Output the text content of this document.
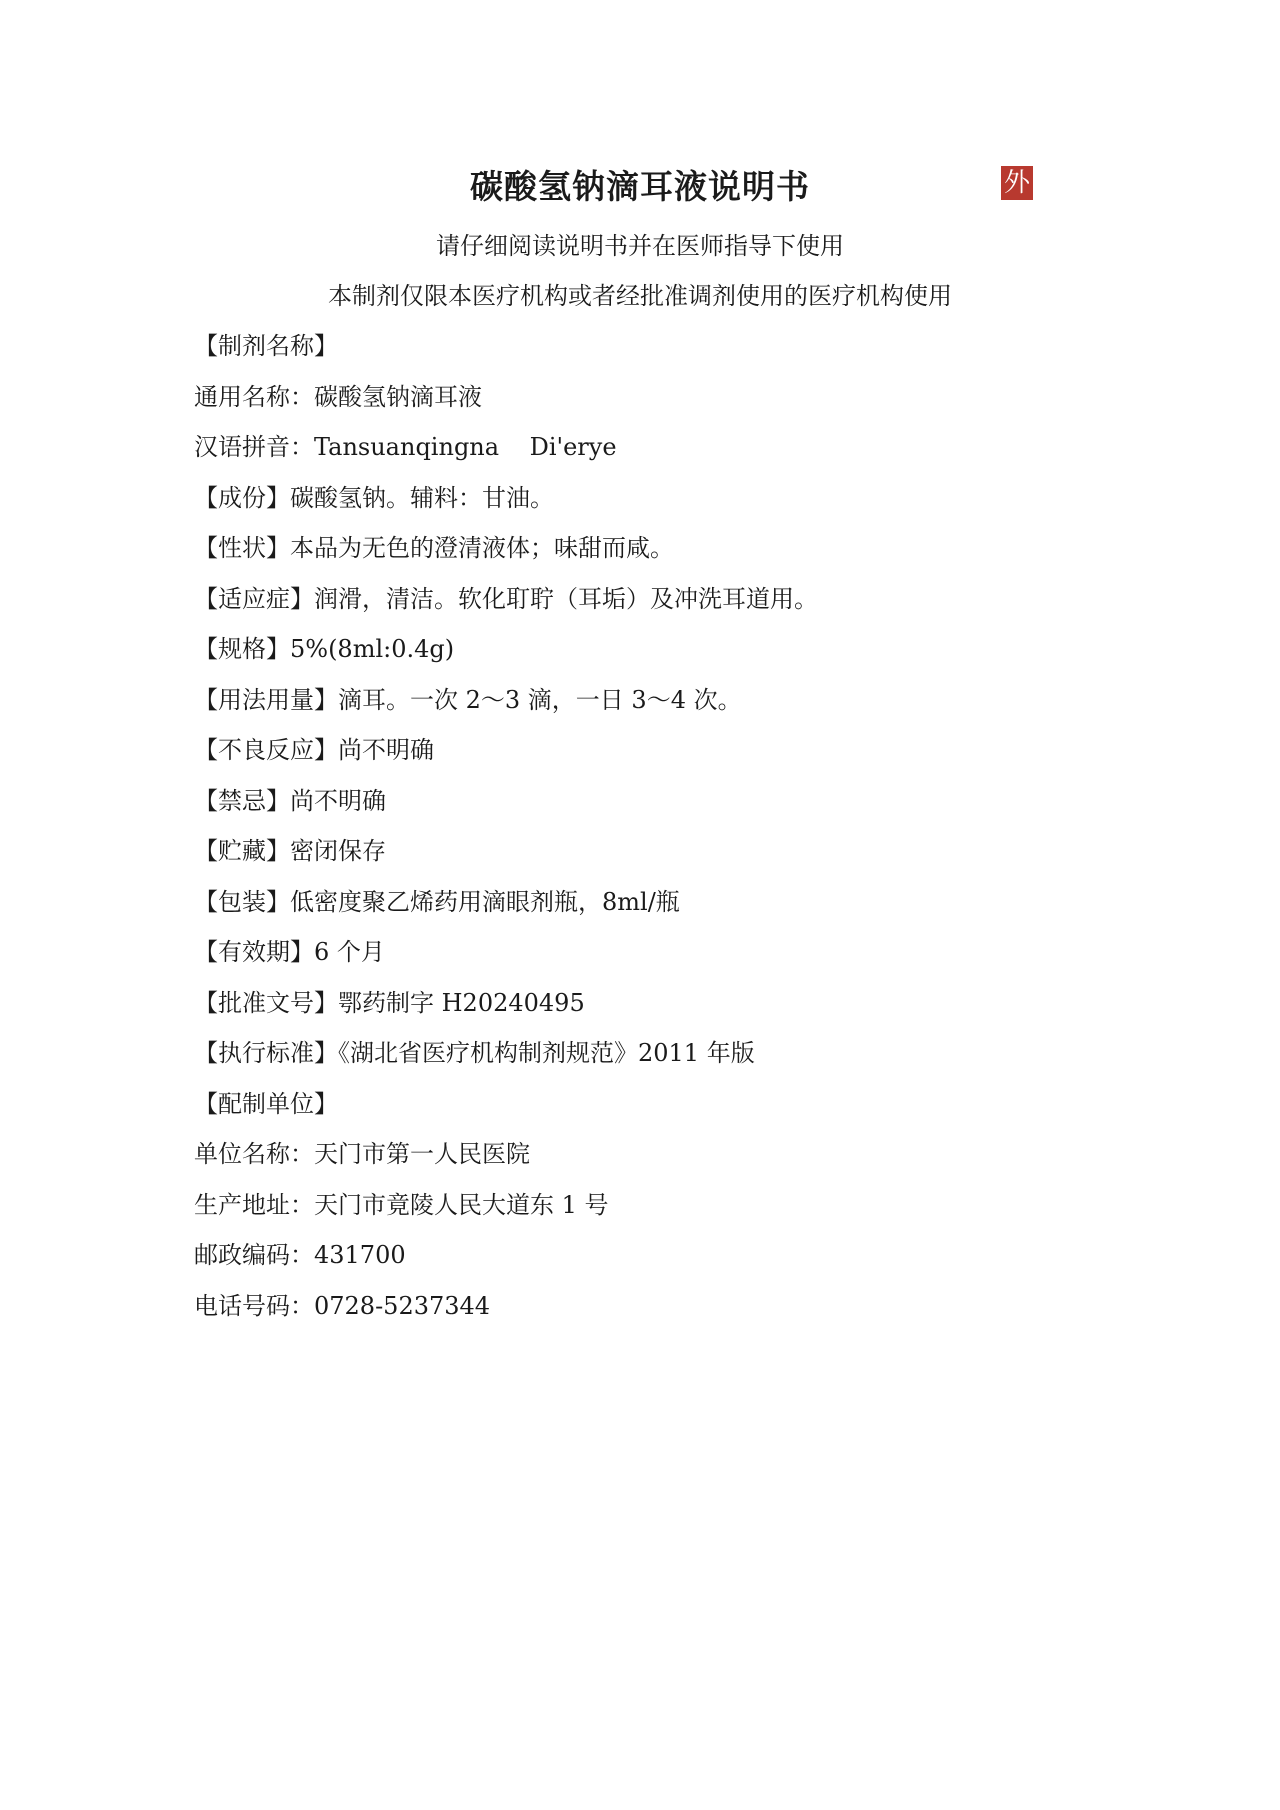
碳酸氢钠滴耳液说明书	外
请仔细阅读说明书并在医师指导下使用
本制剂仅限本医疗机构或者经批准调剂使用的医疗机构使用
【制剂名称】
通用名称：碳酸氢钠滴耳液
汉语拼音：Tansuanqingna    Di'erye
【成份】碳酸氢钠。辅料：甘油。
【性状】本品为无色的澄清液体；味甜而咸。
【适应症】润滑，清洁。软化耵聍（耳垢）及冲洗耳道用。
【规格】5%(8ml:0.4g)
【用法用量】滴耳。一次 2～3 滴，一日 3～4 次。
【不良反应】尚不明确
【禁忌】尚不明确
【贮藏】密闭保存
【包装】低密度聚乙烯药用滴眼剂瓶，8ml/瓶
【有效期】6 个月
【批准文号】鄂药制字 H20240495
【执行标准】《湖北省医疗机构制剂规范》2011 年版
【配制单位】
单位名称：天门市第一人民医院
生产地址：天门市竟陵人民大道东 1 号
邮政编码：431700
电话号码：0728-5237344
